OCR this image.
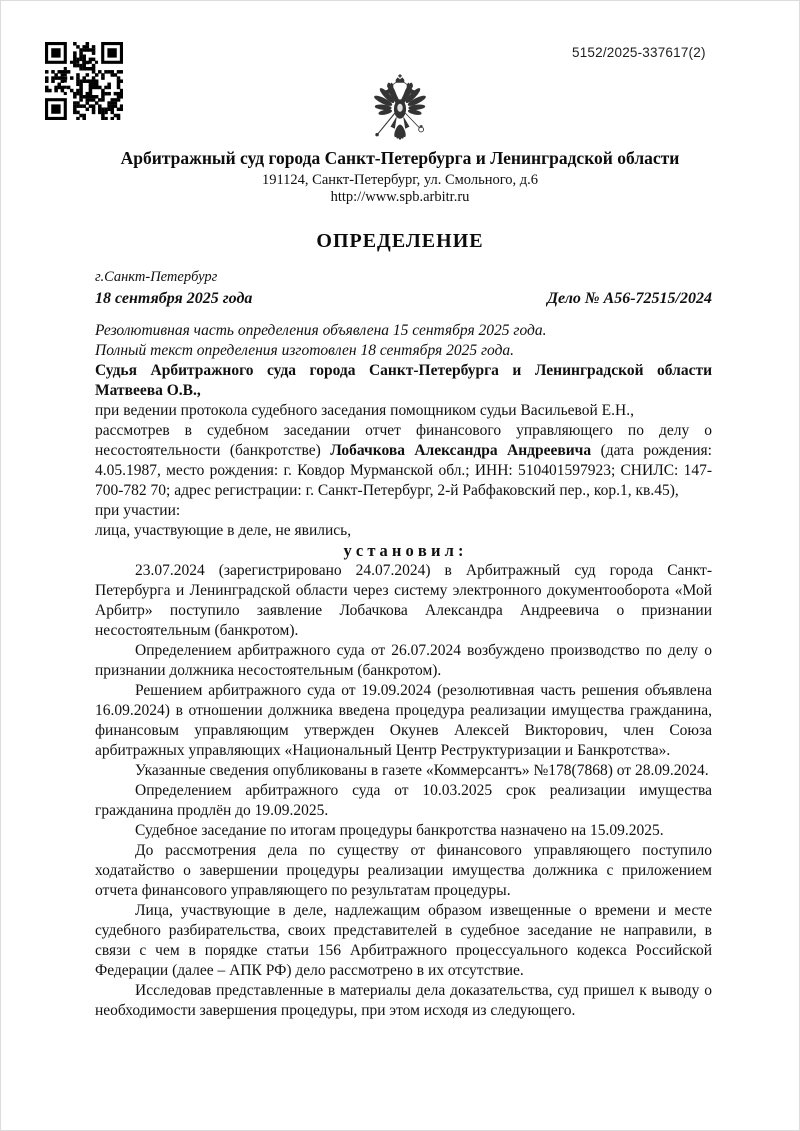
5152/2025-337617(2)
Арбитражный суд города Санкт-Петербурга и Ленинградской области
191124, Санкт-Петербург, ул. Смольного, д.6
http://www.spb.arbitr.ru
ОПРЕДЕЛЕНИЕ
г.Санкт-Петербург
18 сентября 2025 года	Дело № А56-72515/2024

Резолютивная часть определения объявлена 15 сентября 2025 года.

Полный текст определения изготовлен 18 сентября 2025 года.

Судья Арбитражного суда города Санкт-Петербурга и Ленинградской области Матвеева О.В.,

при ведении протокола судебного заседания помощником судьи Васильевой Е.Н.,

рассмотрев в судебном заседании отчет финансового управляющего по делу о несостоятельности (банкротстве) Лобачкова Александра Андреевича (дата рождения: 4.05.1987, место рождения: г. Ковдор Мурманской обл.; ИНН: 510401597923; СНИЛС: 147-700-782 70; адрес регистрации: г. Санкт-Петербург, 2-й Рабфаковский пер., кор.1, кв.45),

при участии:

лица, участвующие в деле, не явились,

у с т а н о в и л :

23.07.2024 (зарегистрировано 24.07.2024) в Арбитражный суд города Санкт-Петербурга и Ленинградской области через систему электронного документооборота «Мой Арбитр» поступило заявление Лобачкова Александра Андреевича о признании несостоятельным (банкротом).

Определением арбитражного суда от 26.07.2024 возбуждено производство по делу о признании должника несостоятельным (банкротом).

Решением арбитражного суда от 19.09.2024 (резолютивная часть решения объявлена 16.09.2024) в отношении должника введена процедура реализации имущества гражданина, финансовым управляющим утвержден Окунев Алексей Викторович, член Союза арбитражных управляющих «Национальный Центр Реструктуризации и Банкротства».

Указанные сведения опубликованы в газете «Коммерсантъ» №178(7868) от 28.09.2024.

Определением арбитражного суда от 10.03.2025 срок реализации имущества гражданина продлён до 19.09.2025.

Судебное заседание по итогам процедуры банкротства назначено на 15.09.2025.

До рассмотрения дела по существу от финансового управляющего поступило ходатайство о завершении процедуры реализации имущества должника с приложением отчета финансового управляющего по результатам процедуры.

Лица, участвующие в деле, надлежащим образом извещенные о времени и месте судебного разбирательства, своих представителей в судебное заседание не направили, в связи с чем в порядке статьи 156 Арбитражного процессуального кодекса Российской Федерации (далее – АПК РФ) дело рассмотрено в их отсутствие.

Исследовав представленные в материалы дела доказательства, суд пришел к выводу о необходимости завершения процедуры, при этом исходя из следующего.
